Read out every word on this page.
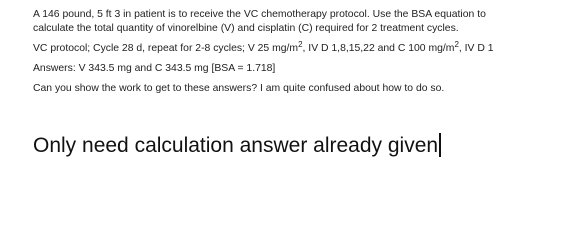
A 146 pound, 5 ft 3 in patient is to receive the VC chemotherapy protocol. Use the BSA equation to
calculate the total quantity of vinorelbine (V) and cisplatin (C) required for 2 treatment cycles.
VC protocol; Cycle 28 d, repeat for 2-8 cycles; V 25 $mg/m^2$, IV D 1,8,15,22 and C 100 $mg/m^2$, IV D 1
Answers: V 343.5 mg and C 343.5 mg [BSA = 1.718]
Can you show the work to get to these answers? I am quite confused about how to do so.
Only need calculation answer already given
